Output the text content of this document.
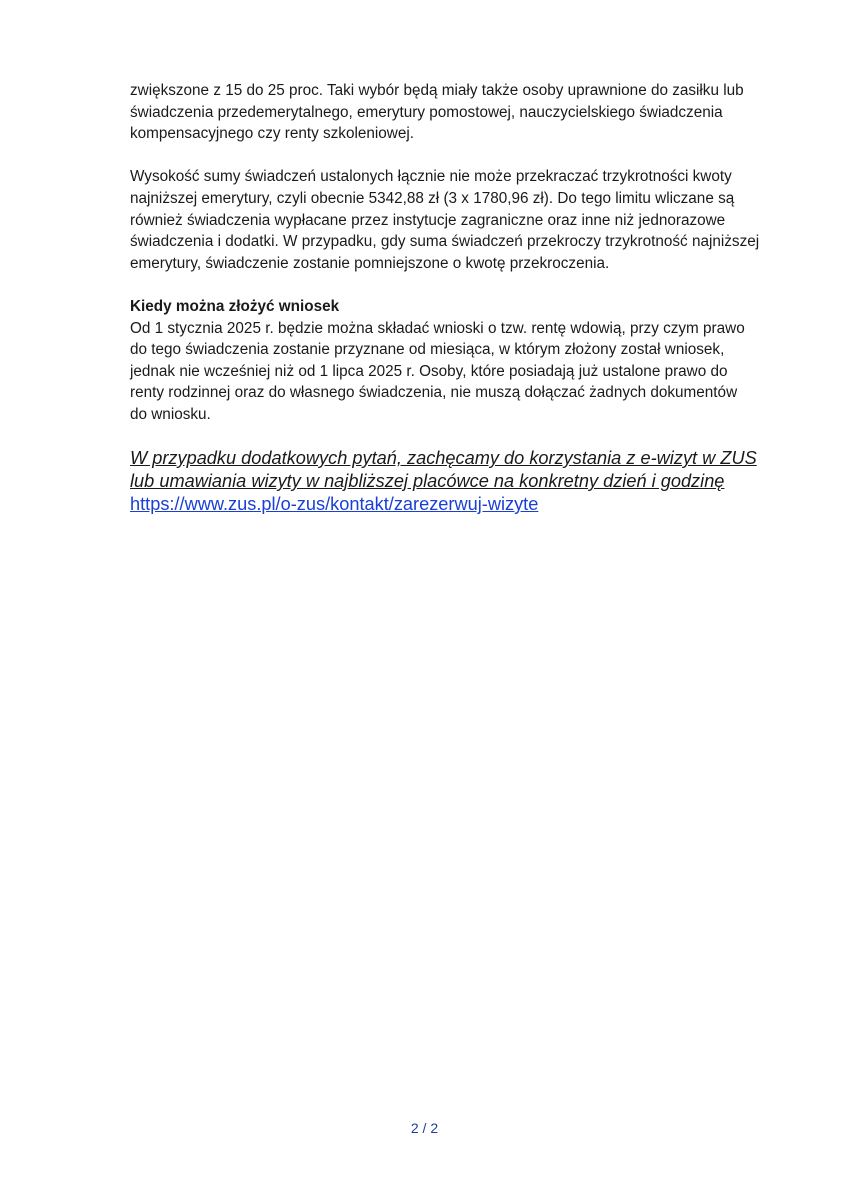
zwiększone z 15 do 25 proc. Taki wybór będą miały także osoby uprawnione do zasiłku lub
świadczenia przedemerytalnego, emerytury pomostowej, nauczycielskiego świadczenia
kompensacyjnego czy renty szkoleniowej.

Wysokość sumy świadczeń ustalonych łącznie nie może przekraczać trzykrotności kwoty
najniższej emerytury, czyli obecnie 5342,88 zł (3 x 1780,96 zł). Do tego limitu wliczane są
również świadczenia wypłacane przez instytucje zagraniczne oraz inne niż jednorazowe
świadczenia i dodatki. W przypadku, gdy suma świadczeń przekroczy trzykrotność najniższej
emerytury, świadczenie zostanie pomniejszone o kwotę przekroczenia.

Kiedy można złożyć wniosek
Od 1 stycznia 2025 r. będzie można składać wnioski o tzw. rentę wdowią, przy czym prawo
do tego świadczenia zostanie przyznane od miesiąca, w którym złożony został wniosek,
jednak nie wcześniej niż od 1 lipca 2025 r. Osoby, które posiadają już ustalone prawo do
renty rodzinnej oraz do własnego świadczenia, nie muszą dołączać żadnych dokumentów
do wniosku.

W przypadku dodatkowych pytań, zachęcamy do korzystania z e-wizyt w ZUS
lub umawiania wizyty w najbliższej placówce na konkretny dzień i godzinę
https://www.zus.pl/o-zus/kontakt/zarezerwuj-wizyte
2 / 2
